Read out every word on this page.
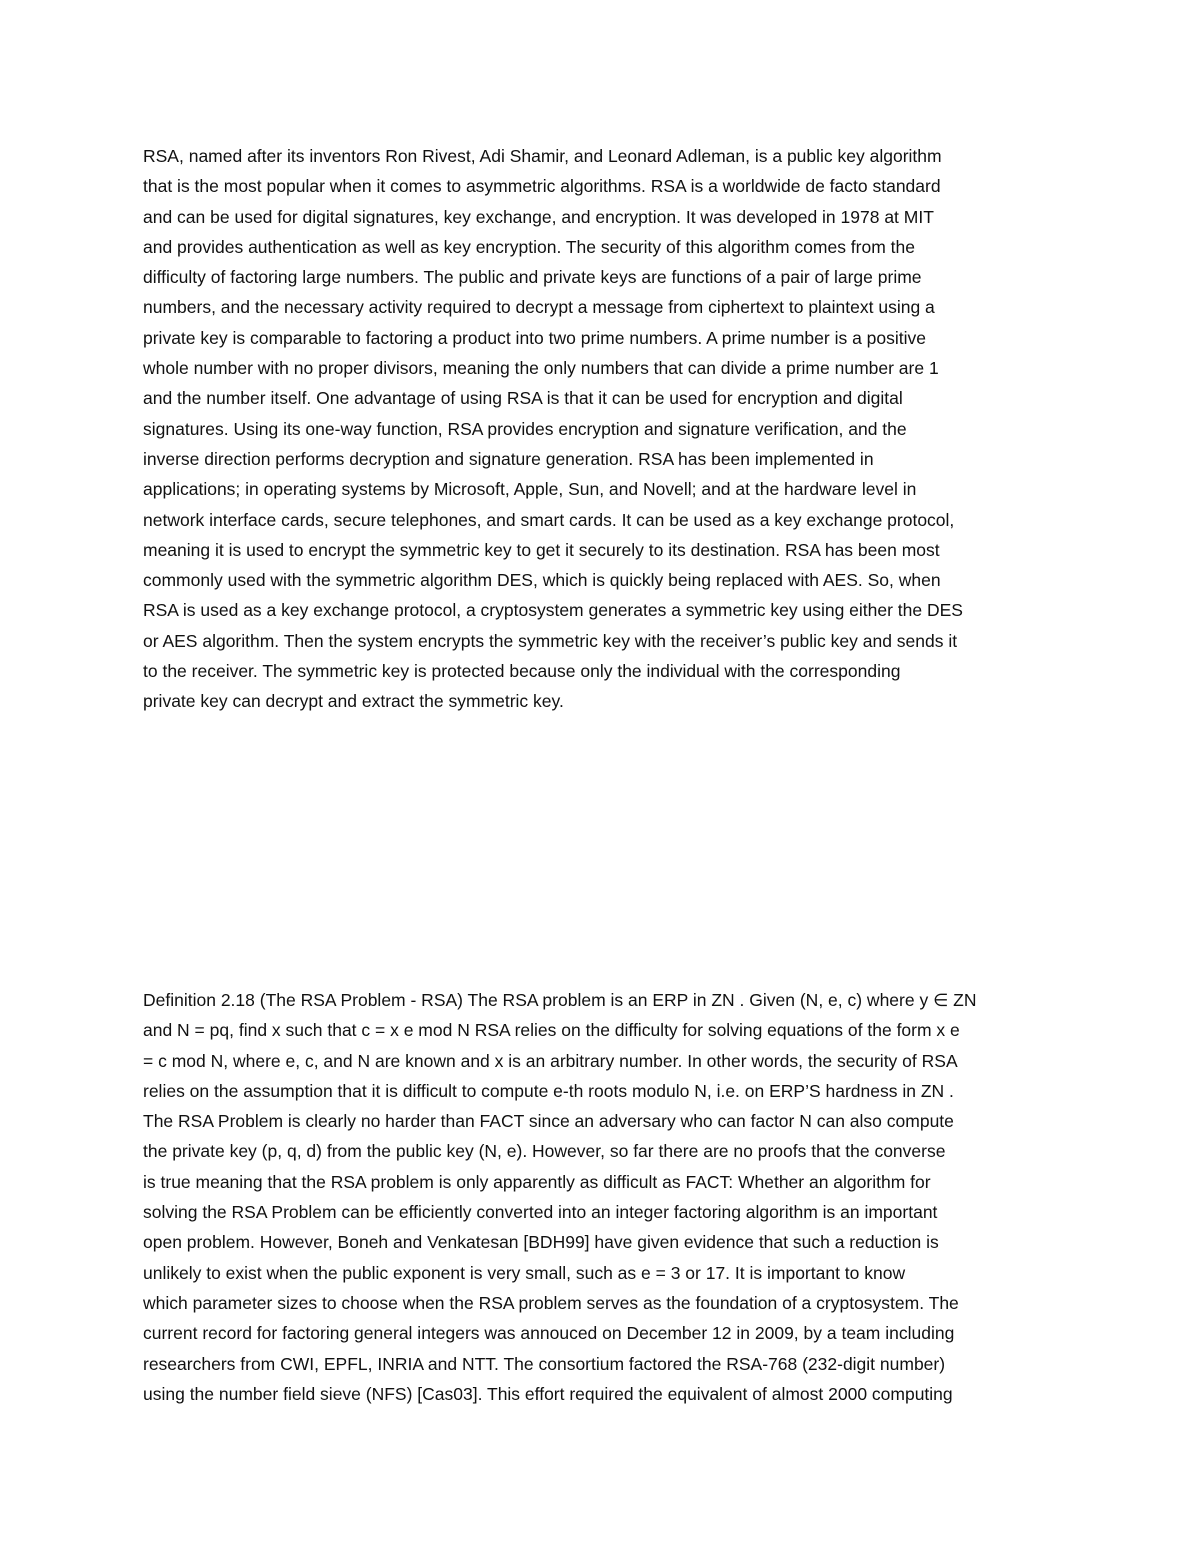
RSA, named after its inventors Ron Rivest, Adi Shamir, and Leonard Adleman, is a public key algorithm
that is the most popular when it comes to asymmetric algorithms. RSA is a worldwide de facto standard
and can be used for digital signatures, key exchange, and encryption. It was developed in 1978 at MIT
and provides authentication as well as key encryption. The security of this algorithm comes from the
difficulty of factoring large numbers. The public and private keys are functions of a pair of large prime
numbers, and the necessary activity required to decrypt a message from ciphertext to plaintext using a
private key is comparable to factoring a product into two prime numbers. A prime number is a positive
whole number with no proper divisors, meaning the only numbers that can divide a prime number are 1
and the number itself. One advantage of using RSA is that it can be used for encryption and digital
signatures. Using its one-way function, RSA provides encryption and signature verification, and the
inverse direction performs decryption and signature generation. RSA has been implemented in
applications; in operating systems by Microsoft, Apple, Sun, and Novell; and at the hardware level in
network interface cards, secure telephones, and smart cards. It can be used as a key exchange protocol,
meaning it is used to encrypt the symmetric key to get it securely to its destination. RSA has been most
commonly used with the symmetric algorithm DES, which is quickly being replaced with AES. So, when
RSA is used as a key exchange protocol, a cryptosystem generates a symmetric key using either the DES
or AES algorithm. Then the system encrypts the symmetric key with the receiver’s public key and sends it
to the receiver. The symmetric key is protected because only the individual with the corresponding
private key can decrypt and extract the symmetric key.
Definition 2.18 (The RSA Problem - RSA) The RSA problem is an ERP in ZN . Given (N, e, c) where y ∈ ZN
and N = pq, find x such that c = x e mod N RSA relies on the difficulty for solving equations of the form x e
= c mod N, where e, c, and N are known and x is an arbitrary number. In other words, the security of RSA
relies on the assumption that it is difficult to compute e-th roots modulo N, i.e. on ERP’S hardness in ZN .
The RSA Problem is clearly no harder than FACT since an adversary who can factor N can also compute
the private key (p, q, d) from the public key (N, e). However, so far there are no proofs that the converse
is true meaning that the RSA problem is only apparently as difficult as FACT: Whether an algorithm for
solving the RSA Problem can be efficiently converted into an integer factoring algorithm is an important
open problem. However, Boneh and Venkatesan [BDH99] have given evidence that such a reduction is
unlikely to exist when the public exponent is very small, such as e = 3 or 17. It is important to know
which parameter sizes to choose when the RSA problem serves as the foundation of a cryptosystem. The
current record for factoring general integers was annouced on December 12 in 2009, by a team including
researchers from CWI, EPFL, INRIA and NTT. The consortium factored the RSA-768 (232-digit number)
using the number field sieve (NFS) [Cas03]. This effort required the equivalent of almost 2000 computing
